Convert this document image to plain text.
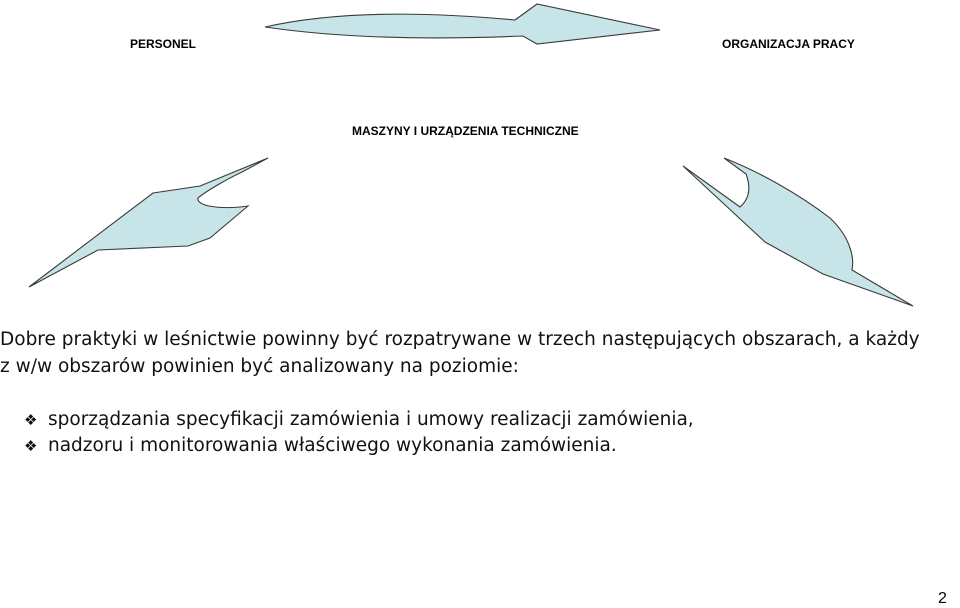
PERSONEL	ORGANIZACJA PRACY
MASZYNY I URZĄDZENIA TECHNICZNE
Dobre praktyki w leśnictwie powinny być rozpatrywane w trzech następujących obszarach, a każdy
z w/w obszarów powinien być analizowany na poziomie:
❖ sporządzania specyfikacji zamówienia i umowy realizacji zamówienia,
❖ nadzoru i monitorowania właściwego wykonania zamówienia.
2
